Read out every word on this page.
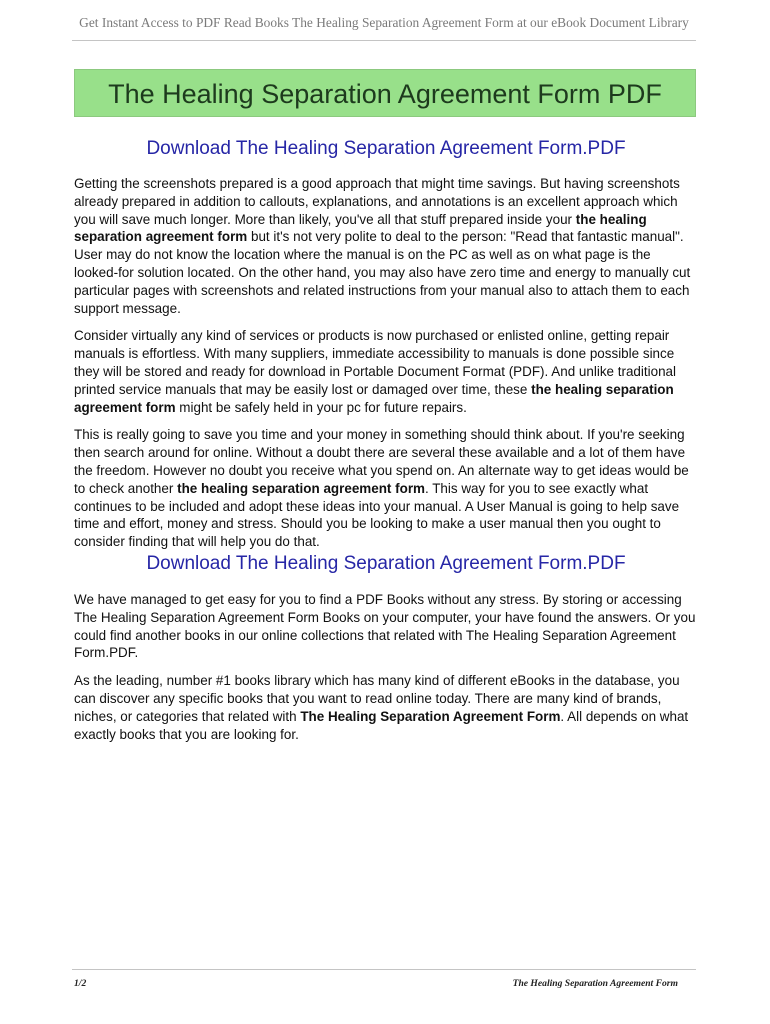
Get Instant Access to PDF Read Books The Healing Separation Agreement Form at our eBook Document Library
The Healing Separation Agreement Form PDF
Download The Healing Separation Agreement Form.PDF

Getting the screenshots prepared is a good approach that might time savings. But having screenshots already prepared in addition to callouts, explanations, and annotations is an excellent approach which you will save much longer. More than likely, you've all that stuff prepared inside your the healing separation agreement form but it's not very polite to deal to the person: "Read that fantastic manual". User may do not know the location where the manual is on the PC as well as on what page is the looked-for solution located. On the other hand, you may also have zero time and energy to manually cut particular pages with screenshots and related instructions from your manual also to attach them to each support message.

Consider virtually any kind of services or products is now purchased or enlisted online, getting repair manuals is effortless. With many suppliers, immediate accessibility to manuals is done possible since they will be stored and ready for download in Portable Document Format (PDF). And unlike traditional printed service manuals that may be easily lost or damaged over time, these the healing separation agreement form might be safely held in your pc for future repairs.

This is really going to save you time and your money in something should think about. If you're seeking then search around for online. Without a doubt there are several these available and a lot of them have the freedom. However no doubt you receive what you spend on. An alternate way to get ideas would be to check another the healing separation agreement form. This way for you to see exactly what continues to be included and adopt these ideas into your manual. A User Manual is going to help save time and effort, money and stress. Should you be looking to make a user manual then you ought to consider finding that will help you do that.

Download The Healing Separation Agreement Form.PDF

We have managed to get easy for you to find a PDF Books without any stress. By storing or accessing The Healing Separation Agreement Form Books on your computer, your have found the answers. Or you could find another books in our online collections that related with The Healing Separation Agreement Form.PDF.

As the leading, number #1 books library which has many kind of different eBooks in the database, you can discover any specific books that you want to read online today. There are many kind of brands, niches, or categories that related with The Healing Separation Agreement Form. All depends on what exactly books that you are looking for.

1/2	The Healing Separation Agreement Form
